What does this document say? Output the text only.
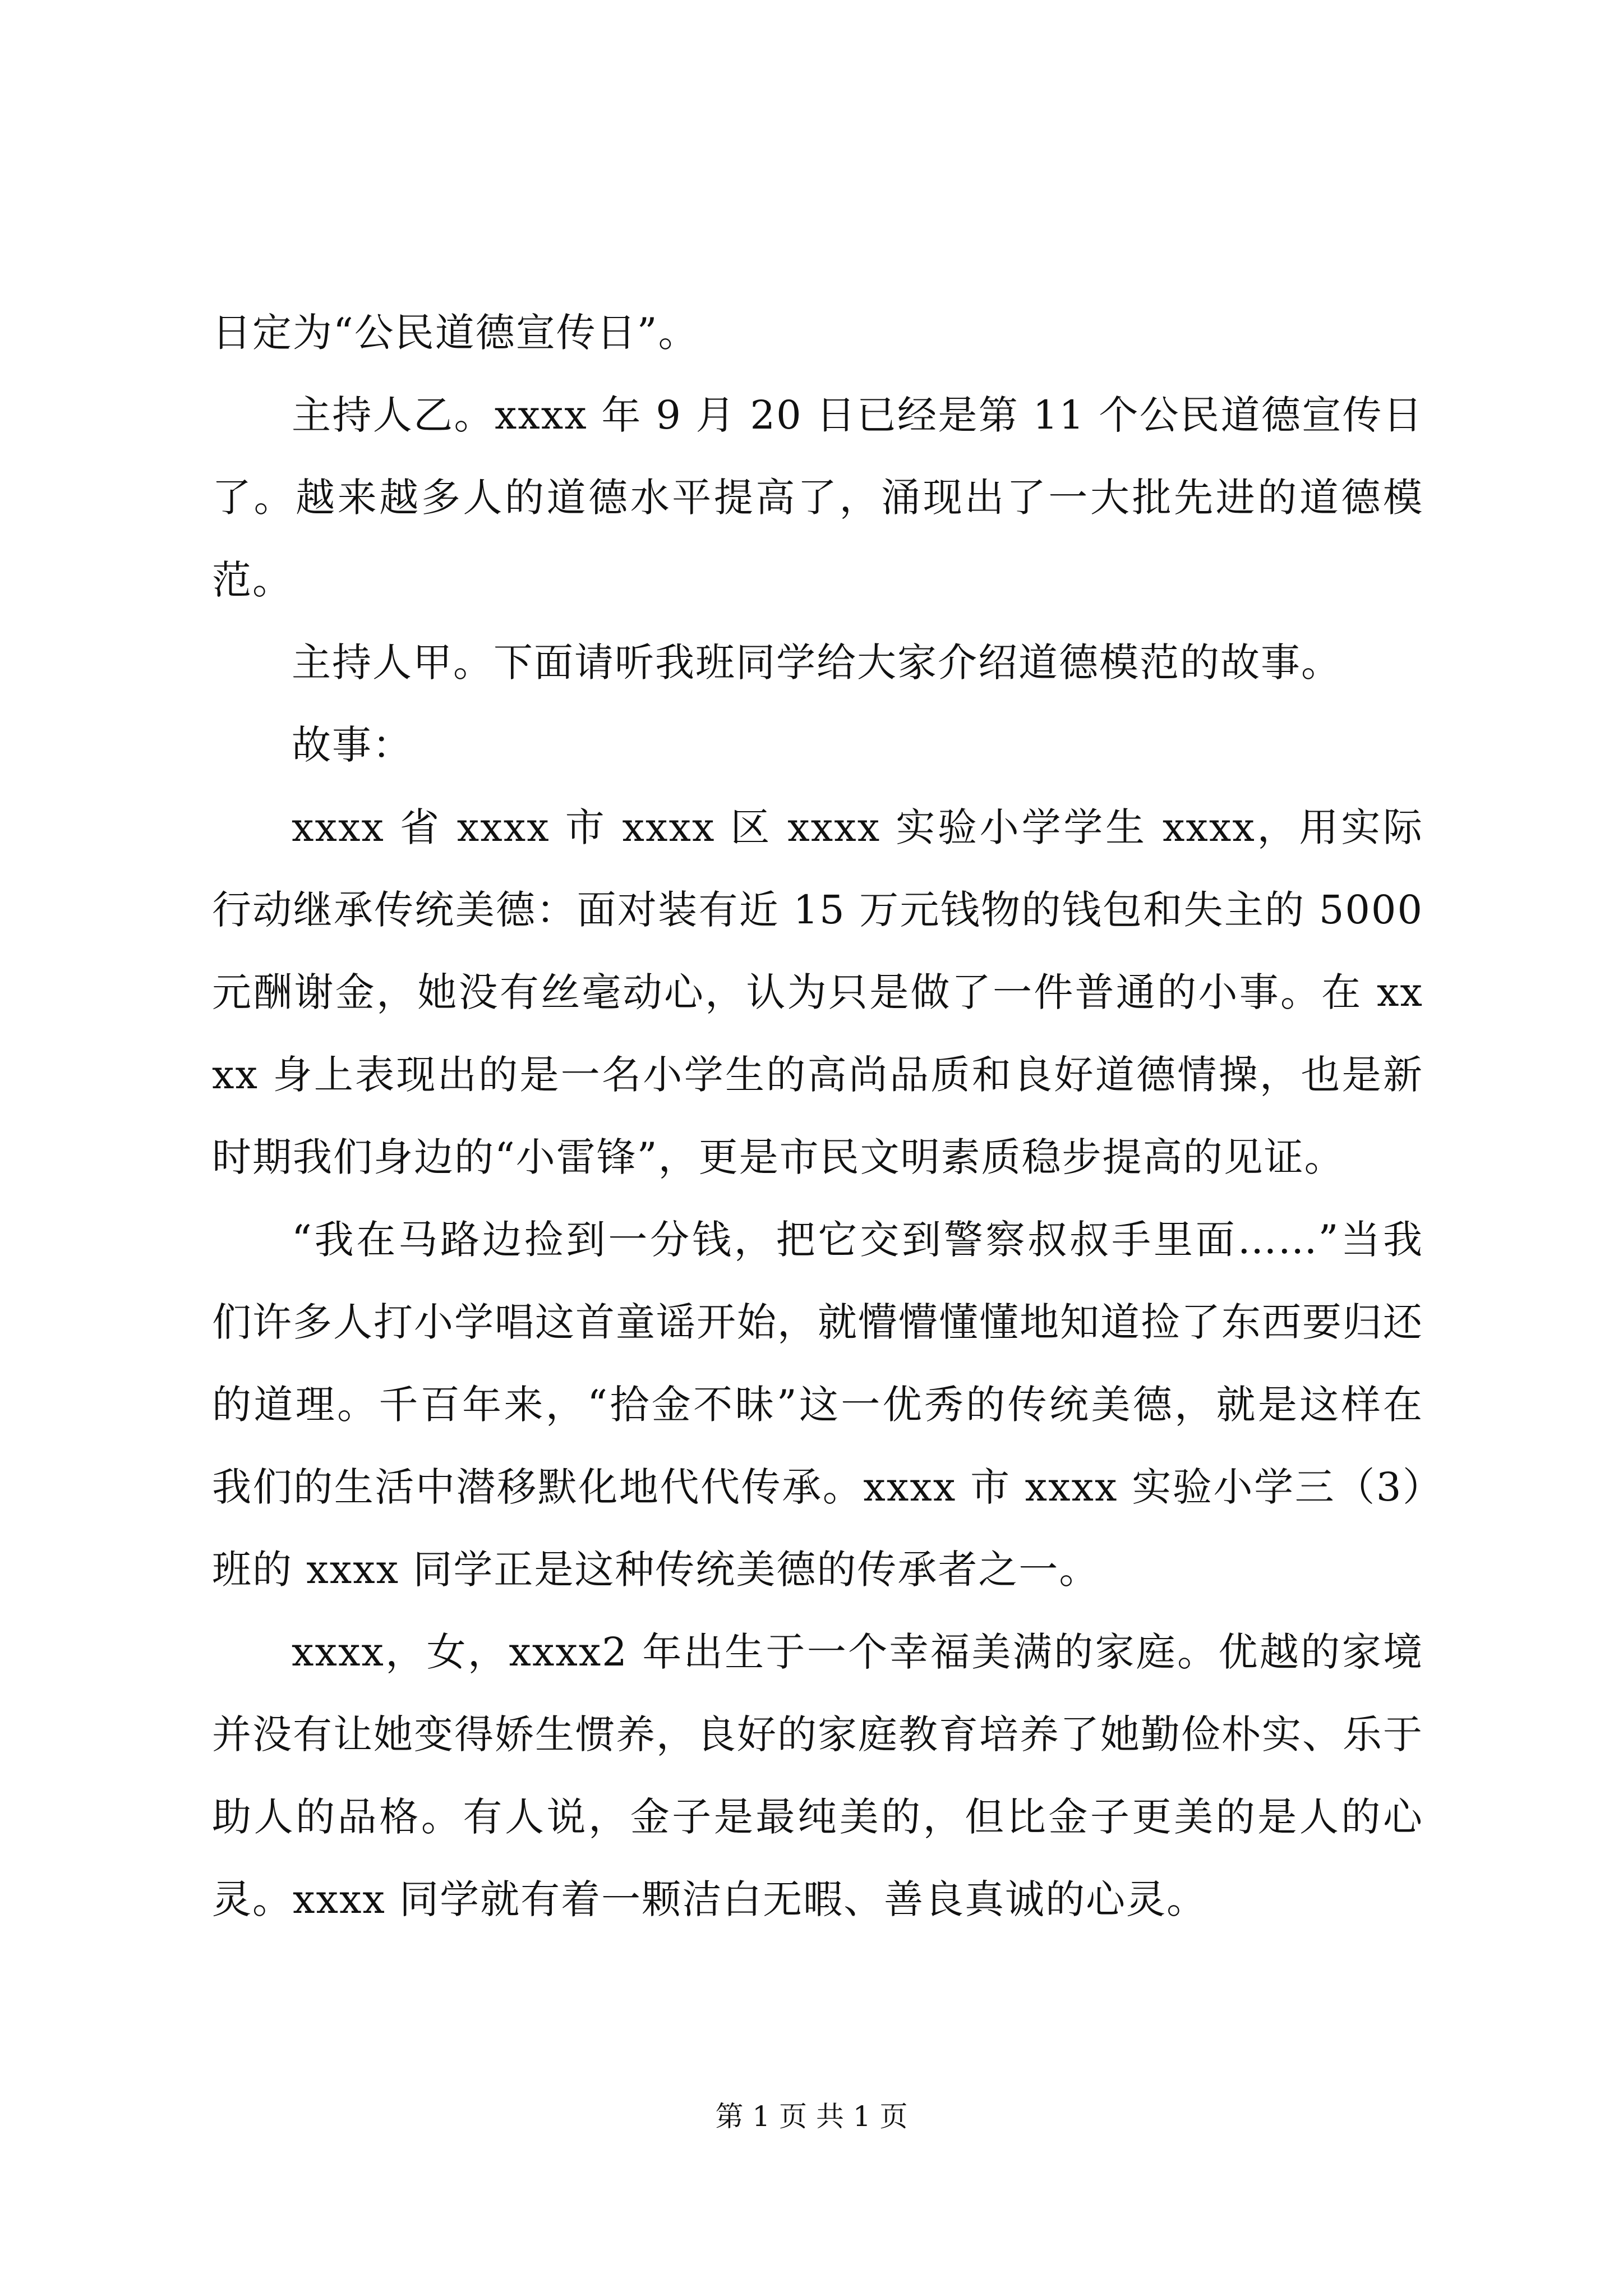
日定为“公民道德宣传日”。

主持人乙。xxxx 年 9 月 20 日已经是第 11 个公民道德宣传日了。越来越多人的道德水平提高了，涌现出了一大批先进的道德模范。

主持人甲。下面请听我班同学给大家介绍道德模范的故事。

故事：

xxxx 省 xxxx 市 xxxx 区 xxxx 实验小学学生 xxxx，用实际行动继承传统美德：面对装有近 15 万元钱物的钱包和失主的 5000 元酬谢金，她没有丝毫动心，认为只是做了一件普通的小事。在 xxxx 身上表现出的是一名小学生的高尚品质和良好道德情操，也是新时期我们身边的“小雷锋”，更是市民文明素质稳步提高的见证。

“我在马路边捡到一分钱，把它交到警察叔叔手里面……”当我们许多人打小学唱这首童谣开始，就懵懵懂懂地知道捡了东西要归还的道理。千百年来，“拾金不昧”这一优秀的传统美德，就是这样在我们的生活中潜移默化地代代传承。xxxx 市 xxxx 实验小学三（3）班的 xxxx 同学正是这种传统美德的传承者之一。

xxxx，女，xxxx2 年出生于一个幸福美满的家庭。优越的家境并没有让她变得娇生惯养，良好的家庭教育培养了她勤俭朴实、乐于助人的品格。有人说，金子是最纯美的，但比金子更美的是人的心灵。xxxx 同学就有着一颗洁白无暇、善良真诚的心灵。

第 1 页 共 1 页
